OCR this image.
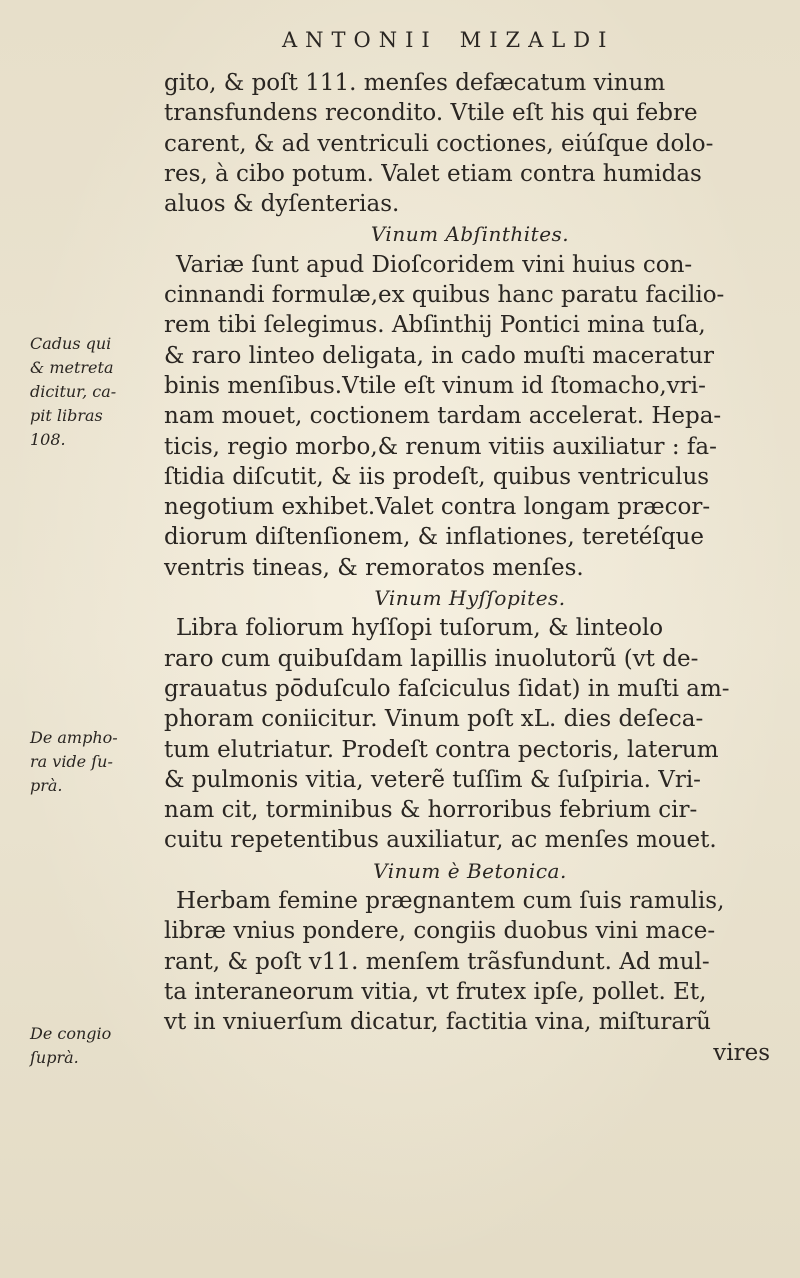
ANTONII MIZALDI
gito, & poſt 111. menſes defæcatum vinum
transfundens recondito. Vtile eſt his qui febre
carent, & ad ventriculi coctiones, eiúſque dolo-
res, à cibo potum. Valet etiam contra humidas
aluos & dyſenterias.
Vinum Abſinthites.
Variæ ſunt apud Dioſcoridem vini huius con-
cinnandi formulæ,ex quibus hanc paratu facilio-
rem tibi ſelegimus. Abſinthij Pontici mina tuſa,
& raro linteo deligata, in cado muſti maceratur
binis menſibus.Vtile eſt vinum id ſtomacho,vri-
nam mouet, coctionem tardam accelerat. Hepa-
ticis, regio morbo,& renum vitiis auxiliatur : fa-
ſtidia diſcutit, & iis prodeſt, quibus ventriculus
negotium exhibet.Valet contra longam præcor-
diorum diſtenſionem, & inflationes, teretéſque
ventris tineas, & remoratos menſes.
Vinum Hyſſopites.
Libra foliorum hyſſopi tuſorum, & linteolo
raro cum quibuſdam lapillis inuolutorũ (vt de-
grauatus pōduſculo faſciculus ſidat) in muſti am-
phoram coniicitur. Vinum poſt xL. dies deſeca-
tum elutriatur. Prodeſt contra pectoris, laterum
& pulmonis vitia, veterẽ tuſſim & ſuſpiria. Vri-
nam cit, torminibus & horroribus febrium cir-
cuitu repetentibus auxiliatur, ac menſes mouet.
Vinum è Betonica.
Herbam femine prægnantem cum ſuis ramulis,
libræ vnius pondere, congiis duobus vini mace-
rant, & poſt v11. menſem trãsfundunt. Ad mul-
ta interaneorum vitia, vt frutex ipſe, pollet. Et,
vt in vniuerſum dicatur, factitia vina, miſturarũ
vires
Cadus qui
& metreta
dicitur, ca-
pit libras
108.
De ampho-
ra vide ſu-
prà.
De congio
ſuprà.
